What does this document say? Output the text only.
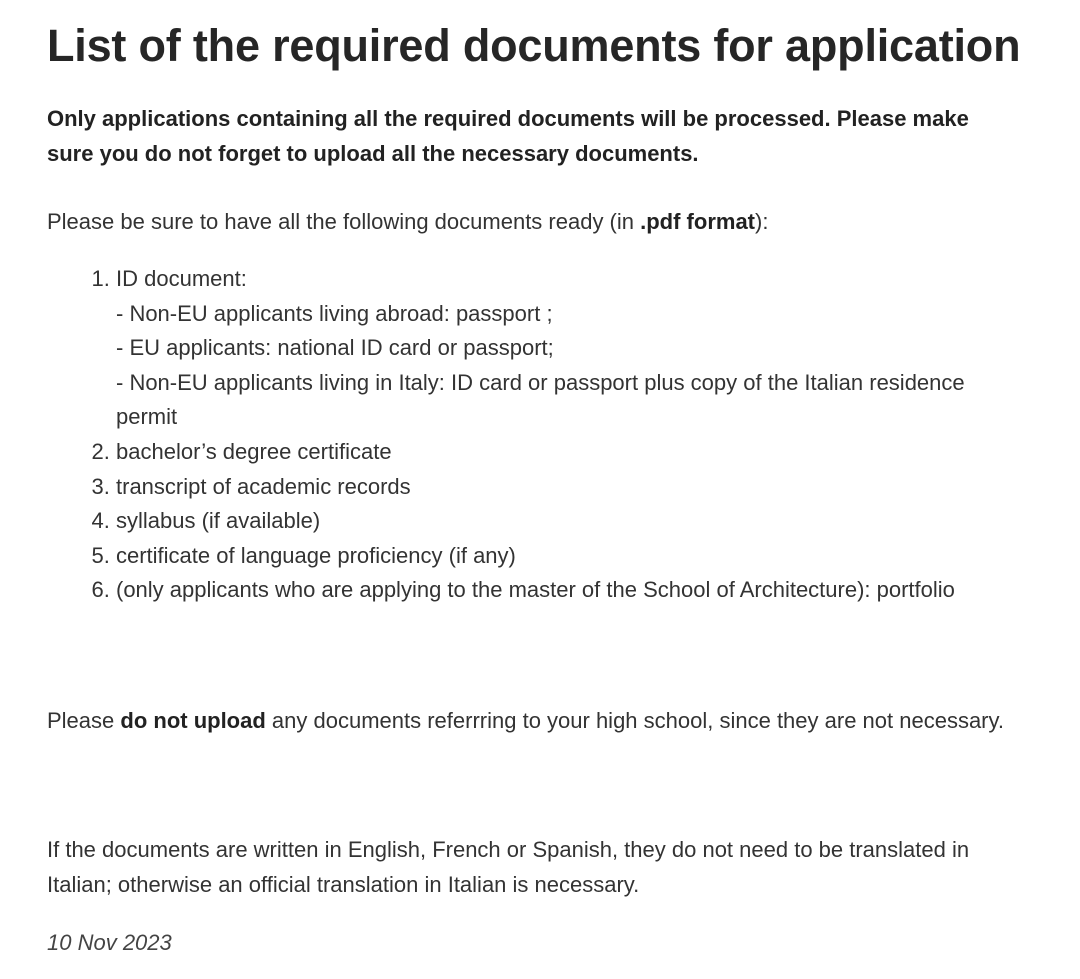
List of the required documents for application

Only applications containing all the required documents will be processed. Please make sure you do not forget to upload all the necessary documents.

Please be sure to have all the following documents ready (in .pdf format):

1. ID document:
- Non-EU applicants living abroad: passport ;
- EU applicants: national ID card or passport;
- Non-EU applicants living in Italy: ID card or passport plus copy of the Italian residence permit
2. bachelor’s degree certificate
3. transcript of academic records
4. syllabus (if available)
5. certificate of language proficiency (if any)
6. (only applicants who are applying to the master of the School of Architecture): portfolio

Please do not upload any documents referrring to your high school, since they are not necessary.

If the documents are written in English, French or Spanish, they do not need to be translated in Italian; otherwise an official translation in Italian is necessary.

10 Nov 2023
